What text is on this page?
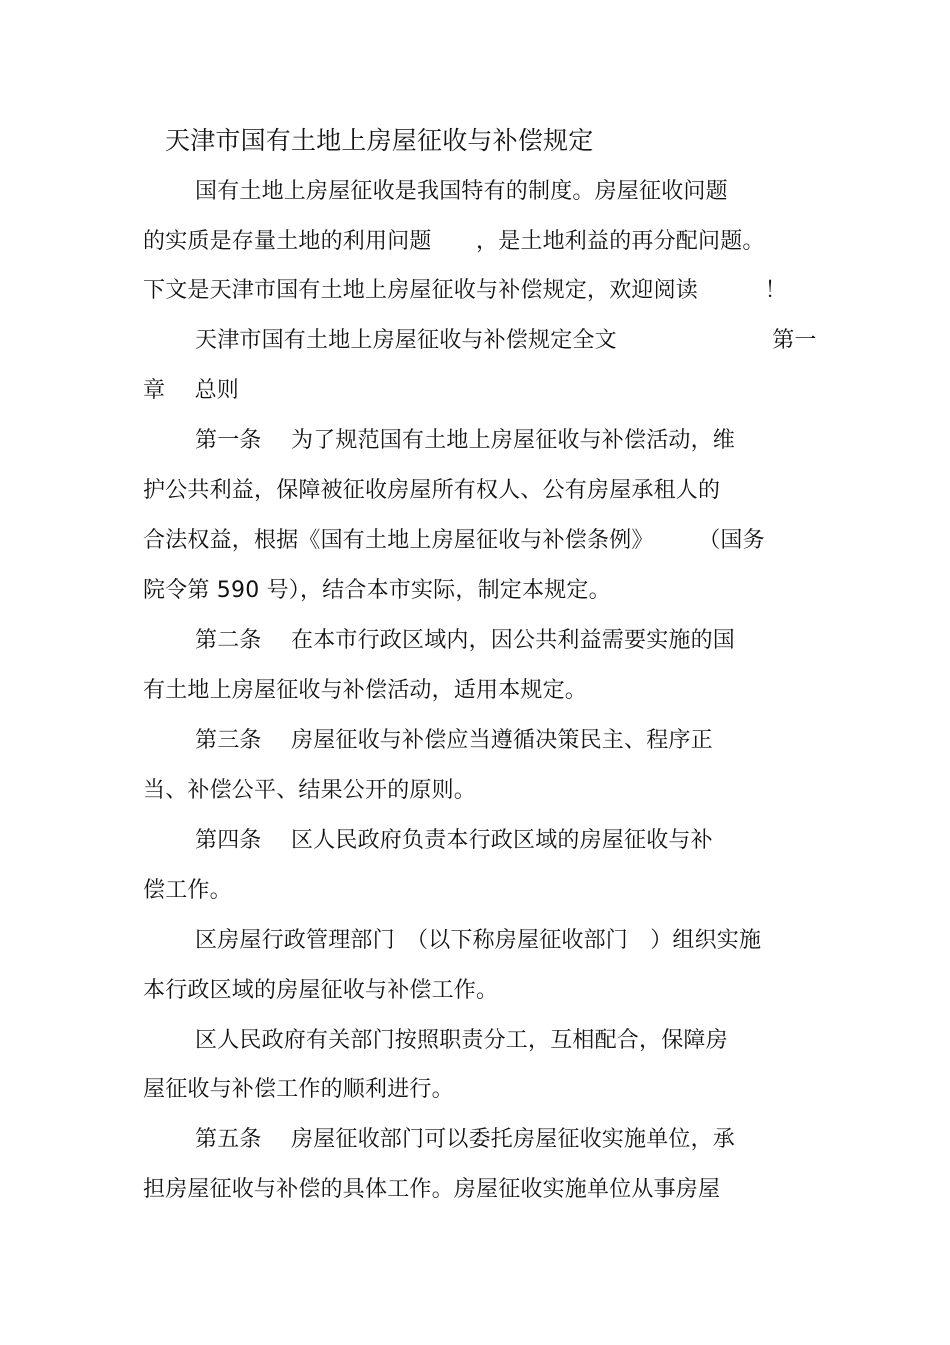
天津市国有土地上房屋征收与补偿规定
国有土地上房屋征收是我国特有的制度。房屋征收问题
的实质是存量土地的利用问题　　，是土地利益的再分配问题。
下文是天津市国有土地上房屋征收与补偿规定，欢迎阅读　　　！
天津市国有土地上房屋征收与补偿规定全文　　　　　　　第一
章　 总则
第一条　 为了规范国有土地上房屋征收与补偿活动，维
护公共利益，保障被征收房屋所有权人、公有房屋承租人的
合法权益，根据《国有土地上房屋征收与补偿条例》　　　（国务
院令第 590 号），结合本市实际，制定本规定。
第二条　 在本市行政区域内，因公共利益需要实施的国
有土地上房屋征收与补偿活动，适用本规定。
第三条　 房屋征收与补偿应当遵循决策民主、程序正
当、补偿公平、结果公开的原则。
第四条　 区人民政府负责本行政区域的房屋征收与补
偿工作。
区房屋行政管理部门　（以下称房屋征收部门　）组织实施
本行政区域的房屋征收与补偿工作。
区人民政府有关部门按照职责分工，互相配合，保障房
屋征收与补偿工作的顺利进行。
第五条　 房屋征收部门可以委托房屋征收实施单位，承
担房屋征收与补偿的具体工作。房屋征收实施单位从事房屋
